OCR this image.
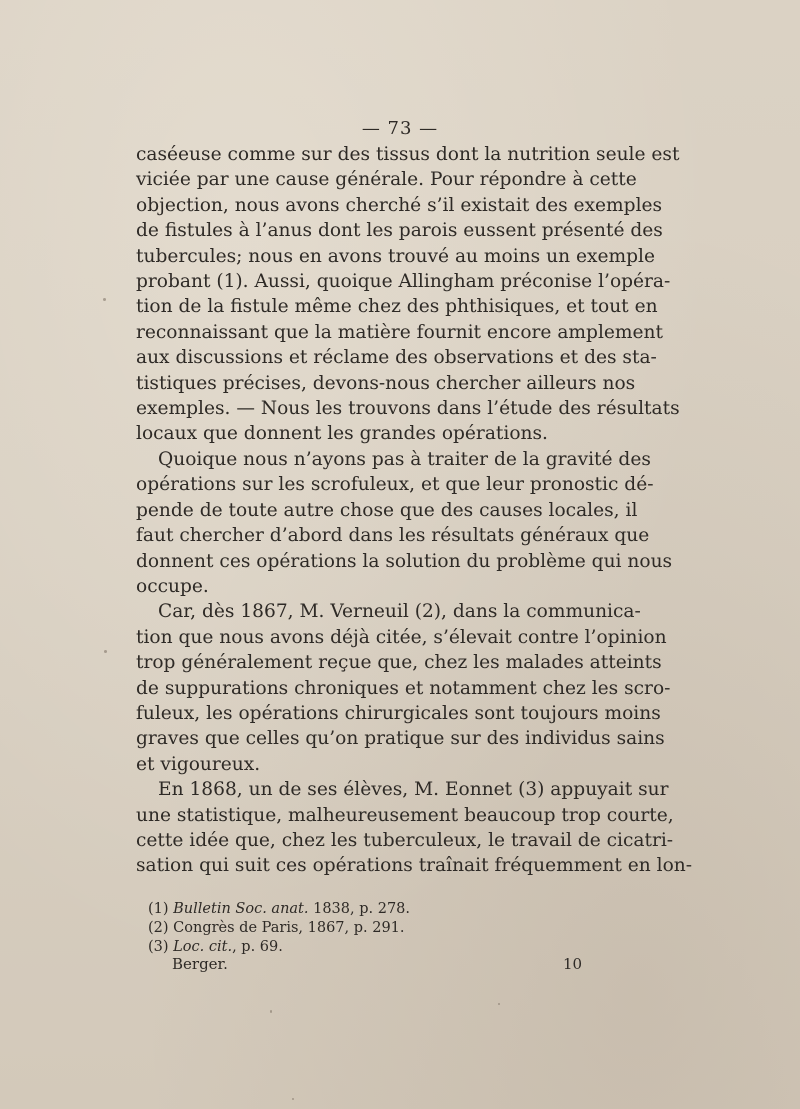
— 73 —
caséeuse comme sur des tissus dont la nutrition seule est
viciée par une cause générale. Pour répondre à cette
objection, nous avons cherché s’il existait des exemples
de fistules à l’anus dont les parois eussent présenté des
tubercules; nous en avons trouvé au moins un exemple
probant (1). Aussi, quoique Allingham préconise l’opéra-
tion de la fistule même chez des phthisiques, et tout en
reconnaissant que la matière fournit encore amplement
aux discussions et réclame des observations et des sta-
tistiques précises, devons-nous chercher ailleurs nos
exemples. — Nous les trouvons dans l’étude des résultats
locaux que donnent les grandes opérations.
Quoique nous n’ayons pas à traiter de la gravité des
opérations sur les scrofuleux, et que leur pronostic dé-
pende de toute autre chose que des causes locales, il
faut chercher d’abord dans les résultats généraux que
donnent ces opérations la solution du problème qui nous
occupe.
Car, dès 1867, M. Verneuil (2), dans la communica-
tion que nous avons déjà citée, s’élevait contre l’opinion
trop généralement reçue que, chez les malades atteints
de suppurations chroniques et notamment chez les scro-
fuleux, les opérations chirurgicales sont toujours moins
graves que celles qu’on pratique sur des individus sains
et vigoureux.
En 1868, un de ses élèves, M. Eonnet (3) appuyait sur
une statistique, malheureusement beaucoup trop courte,
cette idée que, chez les tuberculeux, le travail de cicatri-
sation qui suit ces opérations traînait fréquemment en lon-
(1) Bulletin Soc. anat. 1838, p. 278.
(2) Congrès de Paris, 1867, p. 291.
(3) Loc. cit., p. 69.
Berger.	10
